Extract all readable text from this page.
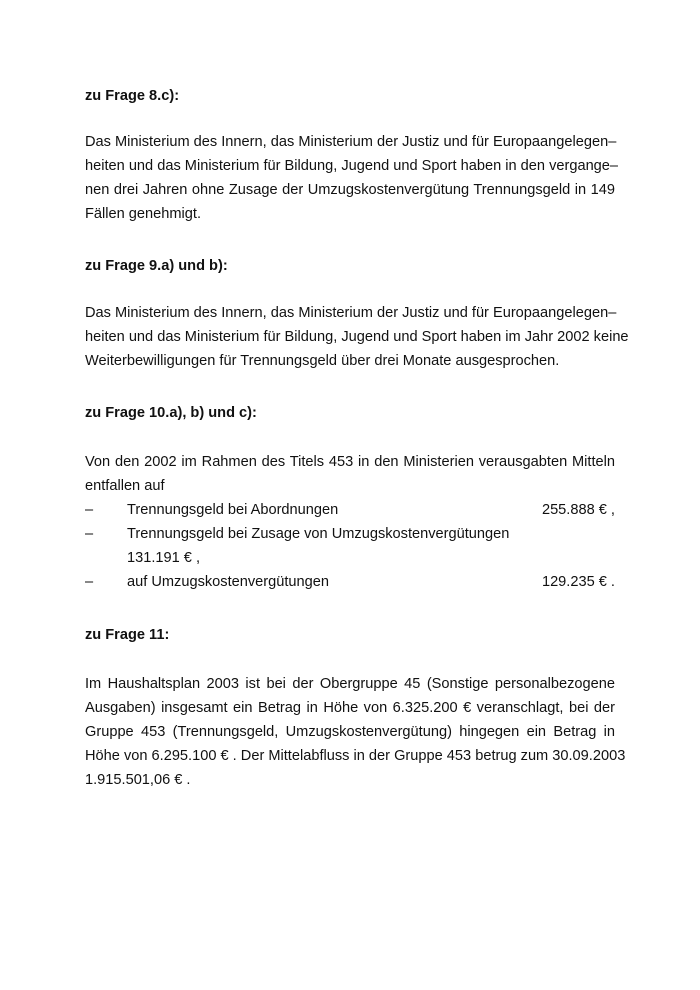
zu Frage 8.c):
Das Ministerium des Innern, das Ministerium der Justiz und für Europaangelegen–
heiten und das Ministerium für Bildung, Jugend und Sport haben in den vergange–
nen drei Jahren ohne Zusage der Umzugskostenvergütung Trennungsgeld in 149
Fällen genehmigt.
zu Frage 9.a) und b):
Das Ministerium des Innern, das Ministerium der Justiz und für Europaangelegen–
heiten und das Ministerium für Bildung, Jugend und Sport haben im Jahr 2002 keine
Weiterbewilligungen für Trennungsgeld über drei Monate ausgesprochen.
zu Frage 10.a), b) und c):
Von den 2002 im Rahmen des Titels 453 in den Ministerien verausgabten Mitteln
entfallen auf
– Trennungsgeld bei Abordnungen	255.888 € ,
– Trennungsgeld bei Zusage von Umzugskostenvergütungen
131.191 € ,
– auf Umzugskostenvergütungen	129.235 € .
zu Frage 11:
Im Haushaltsplan 2003 ist bei der Obergruppe 45 (Sonstige personalbezogene
Ausgaben) insgesamt ein Betrag in Höhe von 6.325.200 € veranschlagt, bei der
Gruppe 453 (Trennungsgeld, Umzugskostenvergütung) hingegen ein Betrag in
Höhe von 6.295.100 € . Der Mittelabfluss in der Gruppe 453 betrug zum 30.09.2003
1.915.501,06 € .
